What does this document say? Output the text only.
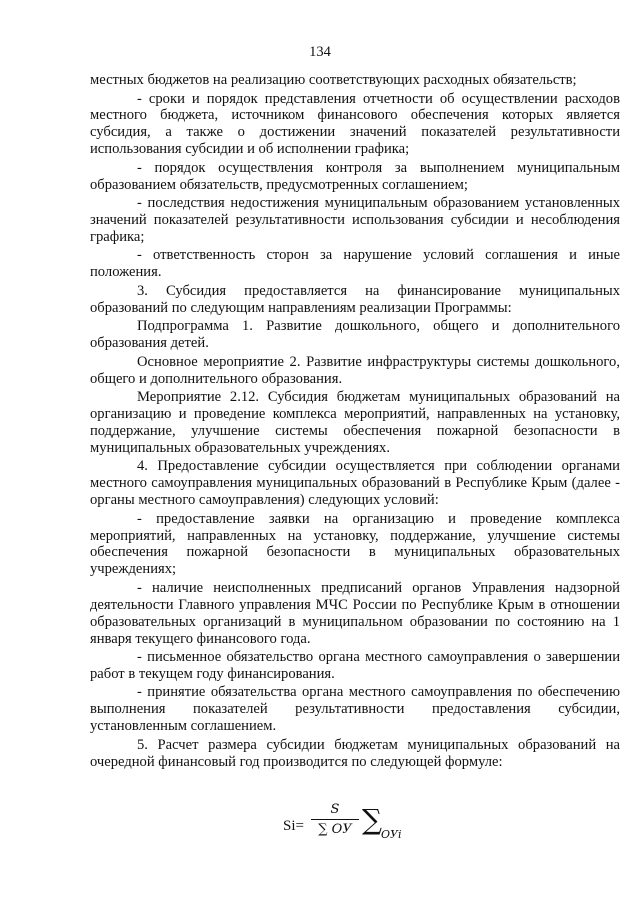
134

местных бюджетов на реализацию соответствующих расходных обязательств;

- сроки и порядок представления отчетности об осуществлении расходов местного бюджета, источником финансового обеспечения которых является субсидия, а также о достижении значений показателей результативности использования субсидии и об исполнении графика;

- порядок осуществления контроля за выполнением муниципальным образованием обязательств, предусмотренных соглашением;

- последствия недостижения муниципальным образованием установленных значений показателей результативности использования субсидии и несоблюдения графика;

- ответственность сторон за нарушение условий соглашения и иные положения.

3. Субсидия предоставляется на финансирование муниципальных образований по следующим направлениям реализации Программы:

Подпрограмма 1. Развитие дошкольного, общего и дополнительного образования детей.

Основное мероприятие 2. Развитие инфраструктуры системы дошкольного, общего и дополнительного образования.

Мероприятие 2.12. Субсидия бюджетам муниципальных образований на организацию и проведение комплекса мероприятий, направленных на установку, поддержание, улучшение системы обеспечения пожарной безопасности в муниципальных образовательных учреждениях.

4. Предоставление субсидии осуществляется при соблюдении органами местного самоуправления муниципальных образований в Республике Крым (далее - органы местного самоуправления) следующих условий:

- предоставление заявки на организацию и проведение комплекса мероприятий, направленных на установку, поддержание, улучшение системы обеспечения пожарной безопасности в муниципальных образовательных учреждениях;

- наличие неисполненных предписаний органов Управления надзорной деятельности Главного управления МЧС России по Республике Крым в отношении образовательных организаций в муниципальном образовании по состоянию на 1 января текущего финансового года.

- письменное обязательство органа местного самоуправления о завершении работ в текущем году финансирования.

- принятие обязательства органа местного самоуправления по обеспечению выполнения показателей результативности предоставления субсидии, установленным соглашением.

5. Расчет размера субсидии бюджетам муниципальных образований на очередной финансовый год производится по следующей формуле:

Si=
S
∑ ОУ ∑ ОУi
